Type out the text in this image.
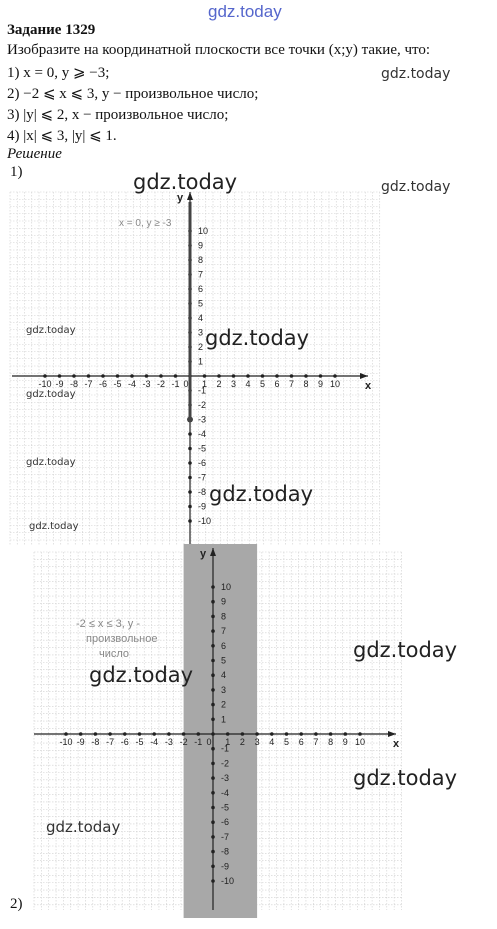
gdz.today
Задание 1329
Изобразите на координатной плоскости все точки (x;y) такие, что:
1) x = 0, y ⩾ −3;
2) −2 ⩽ x ⩽ 3, y − произвольное число;
3) |y| ⩽ 2, x − произвольное число;
4) |x| ⩽ 3, |y| ⩽ 1.
Решение
1)
2)
x
y
-10 -9 -8 -7 -6 -5 -4 -3 -2 -1 0 1 2 3 4 5 6 7 8 9 10
1
2
3
4
5
6
7
8
9
10
-1
-2
-3
-4
-5
-6
-7
-8
-9
-10
x
y
-10 -9 -8 -7 -6 -5 -4 -3 -2 -1 0 1 2 3 4 5 6 7 8 9 10
1
2
3
4
5
6
7
8
9
10
-1
-2
-3
-4
-5
-6
-7
-8
-9
-10
x = 0, y ≥ -3
-2 ≤ x ≤ 3, y -
произвольное
число
gdz.today
gdz.today	gdz.today
gdz.today	gdz.today
gdz.today
gdz.today
gdz.today
gdz.today
gdz.today
gdz.today
gdz.today
gdz.today
